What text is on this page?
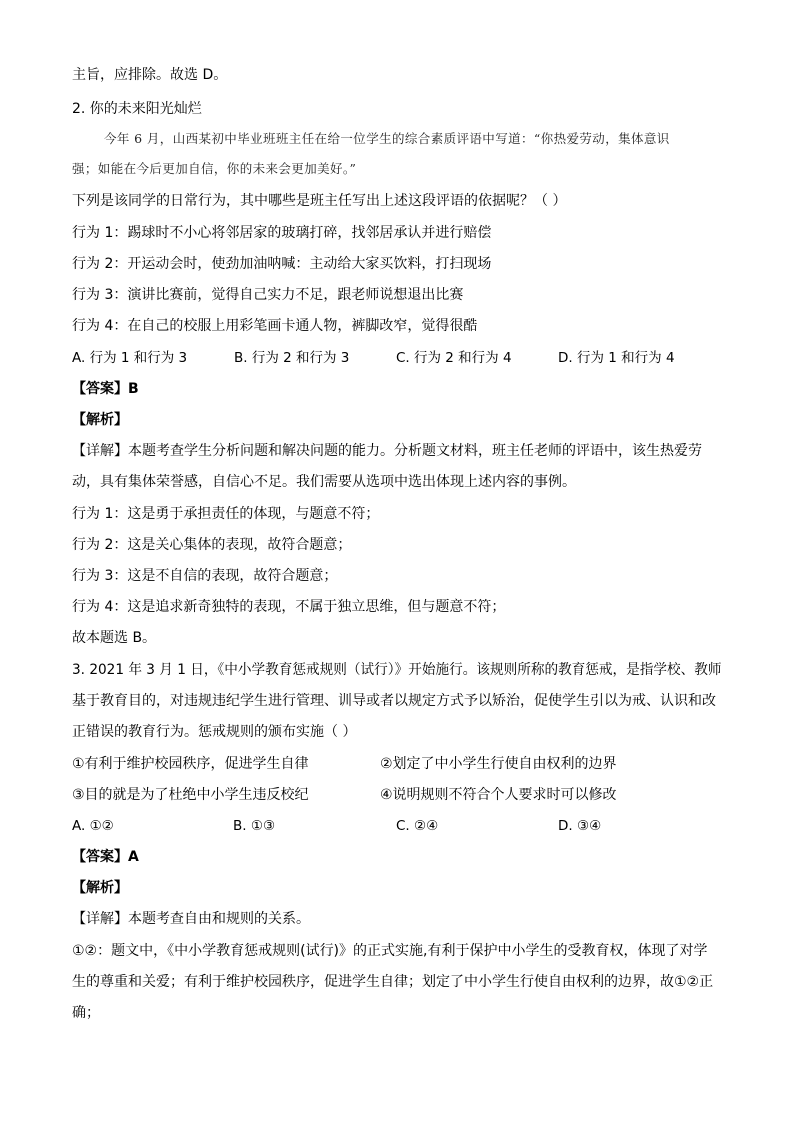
主旨，应排除。故选 D。
2. 你的未来阳光灿烂
今年 6 月，山西某初中毕业班班主任在给一位学生的综合素质评语中写道：“你热爱劳动，集体意识
强；如能在今后更加自信，你的未来会更加美好。”
下列是该同学的日常行为，其中哪些是班主任写出上述这段评语的依据呢？（ ）
行为 1：踢球时不小心将邻居家的玻璃打碎，找邻居承认并进行赔偿
行为 2：开运动会时，使劲加油呐喊：主动给大家买饮料，打扫现场
行为 3：演讲比赛前，觉得自己实力不足，跟老师说想退出比赛
行为 4：在自己的校服上用彩笔画卡通人物，裤脚改窄，觉得很酷
A. 行为 1 和行为 3	B. 行为 2 和行为 3	C. 行为 2 和行为 4	D. 行为 1 和行为 4
【答案】B
【解析】
【详解】本题考查学生分析问题和解决问题的能力。分析题文材料，班主任老师的评语中，该生热爱劳
动，具有集体荣誉感，自信心不足。我们需要从选项中选出体现上述内容的事例。
行为 1：这是勇于承担责任的体现，与题意不符；
行为 2：这是关心集体的表现，故符合题意；
行为 3：这是不自信的表现，故符合题意；
行为 4：这是追求新奇独特的表现，不属于独立思维，但与题意不符；
故本题选 B。
3. 2021 年 3 月 1 日，《中小学教育惩戒规则（试行）》开始施行。该规则所称的教育惩戒，是指学校、教师
基于教育目的，对违规违纪学生进行管理、训导或者以规定方式予以矫治，促使学生引以为戒、认识和改
正错误的教育行为。惩戒规则的颁布实施（ ）
①有利于维护校园秩序，促进学生自律	②划定了中小学生行使自由权利的边界
③目的就是为了杜绝中小学生违反校纪	④说明规则不符合个人要求时可以修改
A. ①②	B. ①③	C. ②④	D. ③④
【答案】A
【解析】
【详解】本题考查自由和规则的关系。
①②：题文中，《中小学教育惩戒规则(试行)》的正式实施,有利于保护中小学生的受教育权，体现了对学
生的尊重和关爱；有利于维护校园秩序，促进学生自律；划定了中小学生行使自由权利的边界，故①②正
确；
